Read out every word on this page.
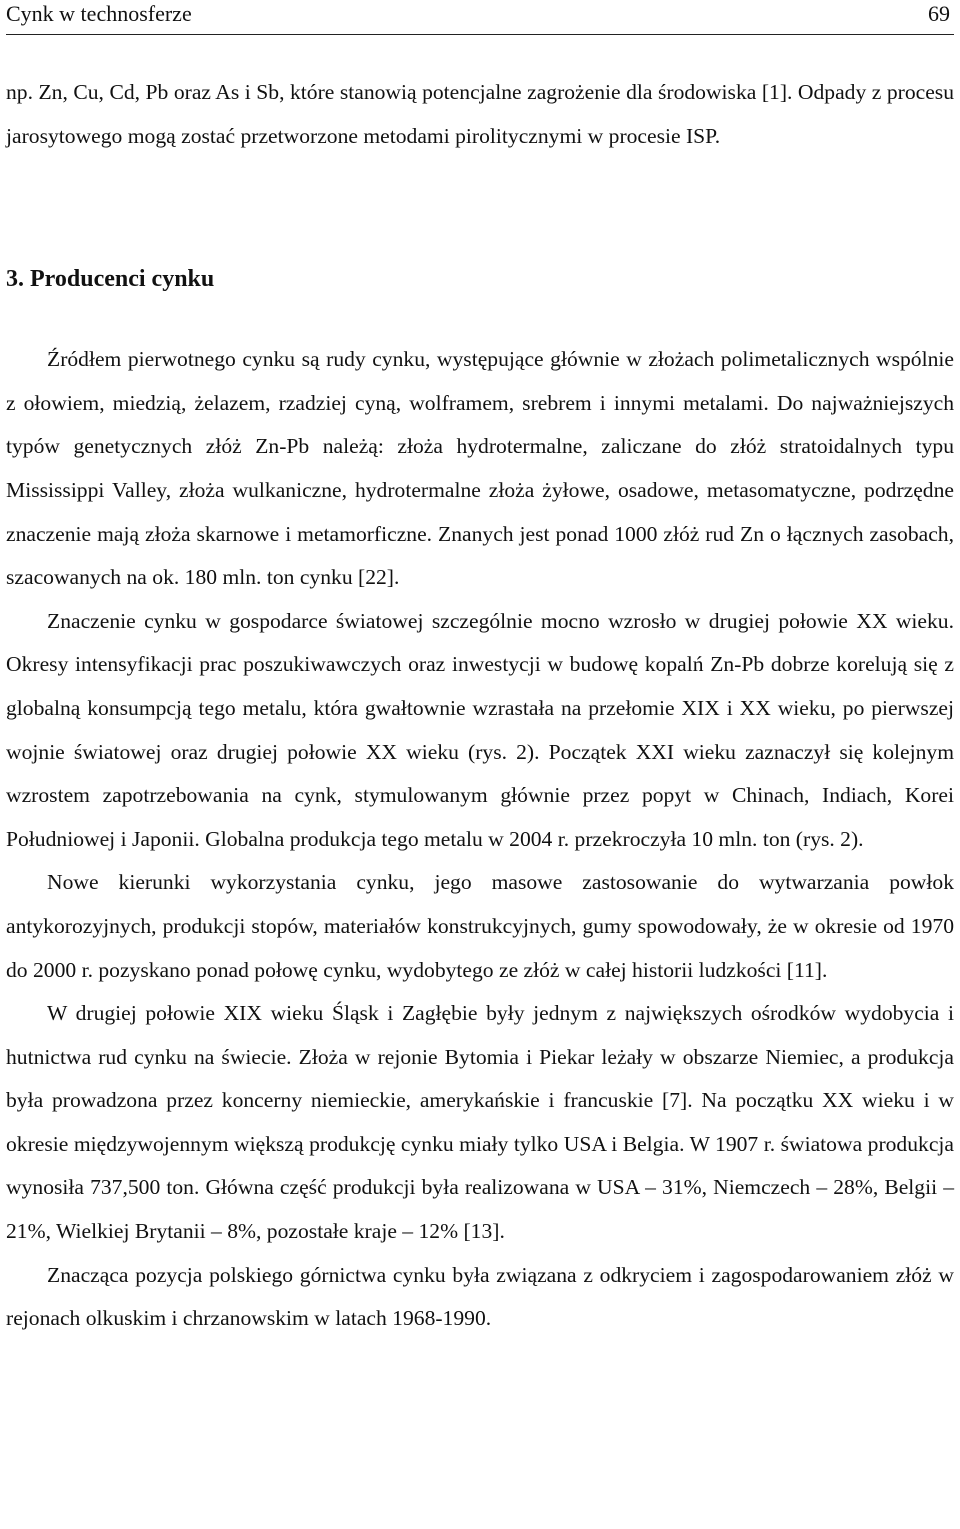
Cynk w technosferze	69

np. Zn, Cu, Cd, Pb oraz As i Sb, które stanowią potencjalne zagrożenie dla środowiska [1]. Odpady z procesu jarosytowego mogą zostać przetworzone metodami pirolitycznymi w procesie ISP.

3. Producenci cynku

Źródłem pierwotnego cynku są rudy cynku, występujące głównie w złożach polimetalicznych wspólnie z ołowiem, miedzią, żelazem, rzadziej cyną, wolframem, srebrem i innymi metalami. Do najważniejszych typów genetycznych złóż Zn-Pb należą: złoża hydrotermalne, zaliczane do złóż stratoidalnych typu Mississippi Valley, złoża wulkaniczne, hydrotermalne złoża żyłowe, osadowe, metasomatyczne, podrzędne znaczenie mają złoża skarnowe i metamorficzne. Znanych jest ponad 1000 złóż rud Zn o łącznych zasobach, szacowanych na ok. 180 mln. ton cynku [22].

Znaczenie cynku w gospodarce światowej szczególnie mocno wzrosło w drugiej połowie XX wieku. Okresy intensyfikacji prac poszukiwawczych oraz inwestycji w budowę kopalń Zn-Pb dobrze korelują się z globalną konsumpcją tego metalu, która gwałtownie wzrastała na przełomie XIX i XX wieku, po pierwszej wojnie światowej oraz drugiej połowie XX wieku (rys. 2). Początek XXI wieku zaznaczył się kolejnym wzrostem zapotrzebowania na cynk, stymulowanym głównie przez popyt w Chinach, Indiach, Korei Południowej i Japonii. Globalna produkcja tego metalu w 2004 r. przekroczyła 10 mln. ton (rys. 2).

Nowe kierunki wykorzystania cynku, jego masowe zastosowanie do wytwarzania powłok antykorozyjnych, produkcji stopów, materiałów konstrukcyjnych, gumy spowodowały, że w okresie od 1970 do 2000 r. pozyskano ponad połowę cynku, wydobytego ze złóż w całej historii ludzkości [11].

W drugiej połowie XIX wieku Śląsk i Zagłębie były jednym z największych ośrodków wydobycia i hutnictwa rud cynku na świecie. Złoża w rejonie Bytomia i Piekar leżały w obszarze Niemiec, a produkcja była prowadzona przez koncerny niemieckie, amerykańskie i francuskie [7]. Na początku XX wieku i w okresie międzywojennym większą produkcję cynku miały tylko USA i Belgia. W 1907 r. światowa produkcja wynosiła 737,500 ton. Główna część produkcji była realizowana w USA – 31%, Niemczech – 28%, Belgii – 21%, Wielkiej Brytanii – 8%, pozostałe kraje – 12% [13].

Znacząca pozycja polskiego górnictwa cynku była związana z odkryciem i zagospodarowaniem złóż w rejonach olkuskim i chrzanowskim w latach 1968-1990.
